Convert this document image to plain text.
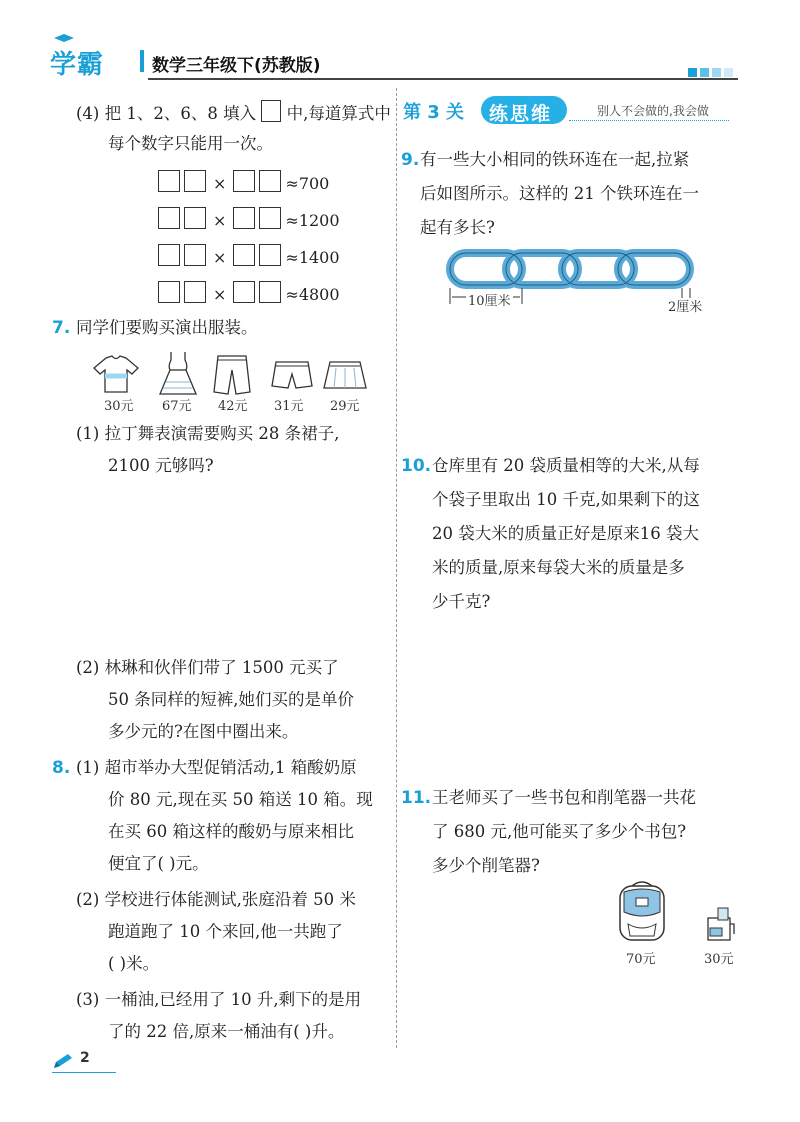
学霸	数学三年级下(苏教版)
(4) 把 1、2、6、8 填入 中,每道算式中
每个数字只能用一次。
×	≈700
×	≈1200
×	≈1400
×	≈4800
7. 同学们要购买演出服装。
30元 67元 42元 31元 29元
(1) 拉丁舞表演需要购买 28 条裙子,
2100 元够吗?
(2) 林琳和伙伴们带了 1500 元买了
50 条同样的短裤,她们买的是单价
多少元的?在图中圈出来。
8. (1) 超市举办大型促销活动,1 箱酸奶原
价 80 元,现在买 50 箱送 10 箱。现
在买 60 箱这样的酸奶与原来相比
便宜了( )元。
(2) 学校进行体能测试,张庭沿着 50 米
跑道跑了 10 个来回,他一共跑了
( )米。
(3) 一桶油,已经用了 10 升,剩下的是用
了的 22 倍,原来一桶油有( )升。
第 3 关 练思维	别人不会做的,我会做
9. 有一些大小相同的铁环连在一起,拉紧
后如图所示。这样的 21 个铁环连在一
起有多长?
10厘米	2厘米
10. 仓库里有 20 袋质量相等的大米,从每
个袋子里取出 10 千克,如果剩下的这
20 袋大米的质量正好是原来16 袋大
米的质量,原来每袋大米的质量是多
少千克?
11. 王老师买了一些书包和削笔器一共花
了 680 元,他可能买了多少个书包?
多少个削笔器?
70元	30元
2
